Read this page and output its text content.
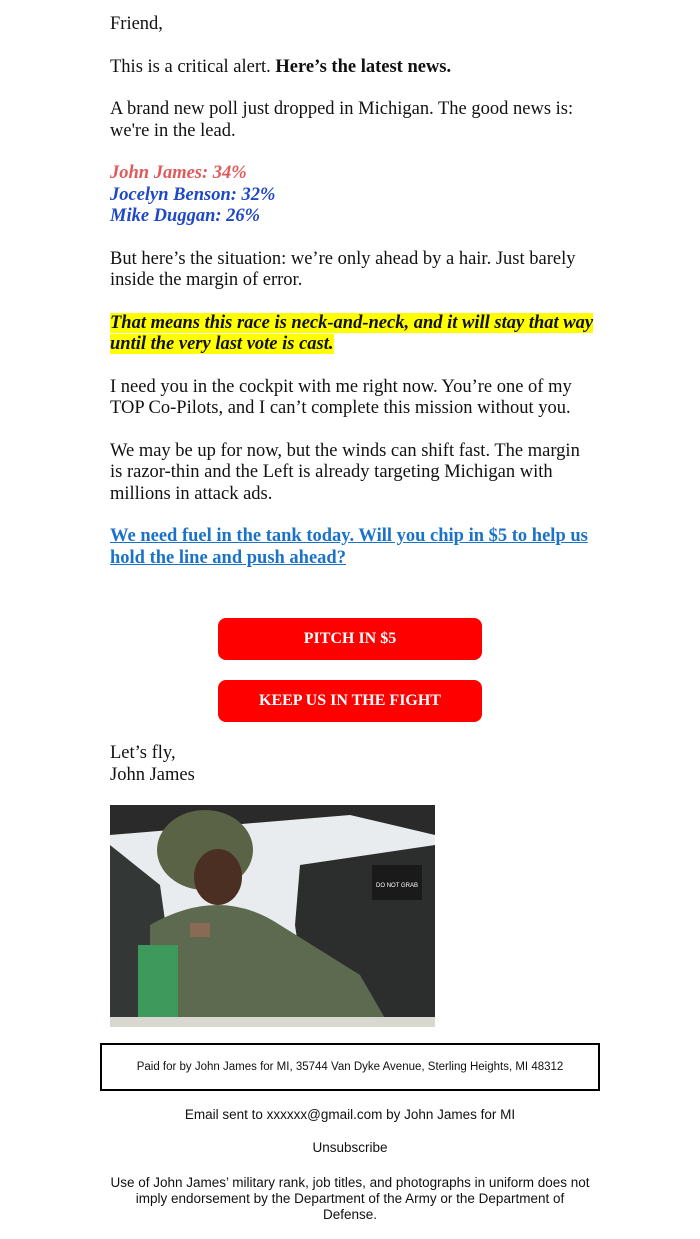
Friend,

This is a critical alert. Here’s the latest news.

A brand new poll just dropped in Michigan. The good news is: we're in the lead.

John James: 34%
Jocelyn Benson: 32%
Mike Duggan: 26%

But here’s the situation: we’re only ahead by a hair. Just barely inside the margin of error.

That means this race is neck-and-neck, and it will stay that way until the very last vote is cast.

I need you in the cockpit with me right now. You’re one of my TOP Co-Pilots, and I can’t complete this mission without you.

We may be up for now, but the winds can shift fast. The margin is razor-thin and the Left is already targeting Michigan with millions in attack ads.

We need fuel in the tank today. Will you chip in $5 to help us hold the line and push ahead?

PITCH IN $5
KEEP US IN THE FIGHT
Let’s fly,
John James
DO NOT GRAB
Paid for by John James for MI, 35744 Van Dyke Avenue, Sterling Heights, MI 48312
Email sent to xxxxxx@gmail.com by John James for MI
Unsubscribe
Use of John James’ military rank, job titles, and photographs in uniform does not imply endorsement by the Department of the Army or the Department of Defense.
